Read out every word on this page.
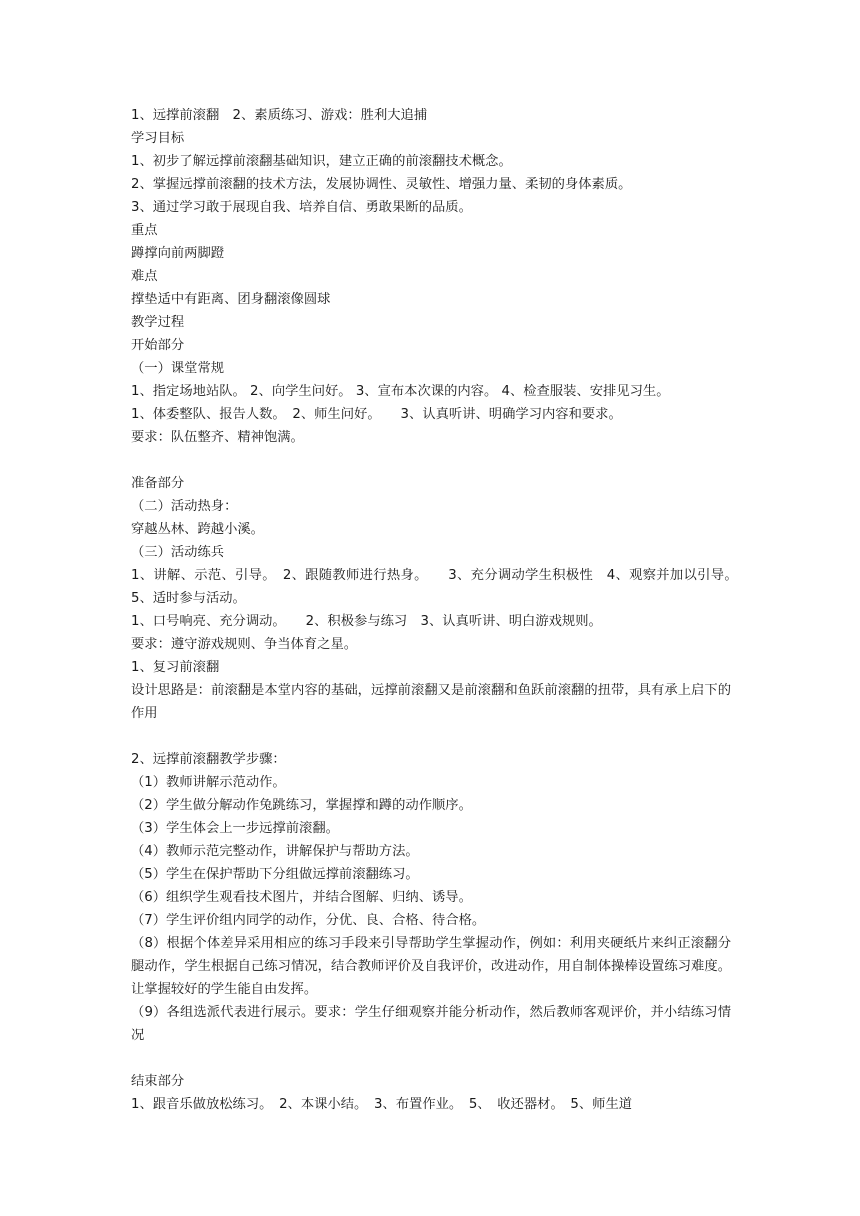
1、远撑前滚翻　2、素质练习、游戏：胜利大追捕
学习目标
1、初步了解远撑前滚翻基础知识，建立正确的前滚翻技术概念。
2、掌握远撑前滚翻的技术方法，发展协调性、灵敏性、增强力量、柔韧的身体素质。
3、通过学习敢于展现自我、培养自信、勇敢果断的品质。
重点
蹲撑向前两脚蹬
难点
撑垫适中有距离、团身翻滚像圆球
教学过程
开始部分
（一）课堂常规
1、指定场地站队。 2、向学生问好。 3、宣布本次课的内容。 4、检查服装、安排见习生。
1、体委整队、报告人数。　2、师生问好。　　3、认真听讲、明确学习内容和要求。
要求：队伍整齐、精神饱满。
准备部分
（二）活动热身：
穿越丛林、跨越小溪。
（三）活动练兵
1、讲解、示范、引导。　2、跟随教师进行热身。　　3、充分调动学生积极性　4、观察并加以引导。　5、适时参与活动。
1、口号响亮、充分调动。　　2、积极参与练习　3、认真听讲、明白游戏规则。
要求：遵守游戏规则、争当体育之星。
1、复习前滚翻
设计思路是：前滚翻是本堂内容的基础，远撑前滚翻又是前滚翻和鱼跃前滚翻的扭带，具有承上启下的作用
2、远撑前滚翻教学步骤：
（1）教师讲解示范动作。
（2）学生做分解动作兔跳练习，掌握撑和蹲的动作顺序。
（3）学生体会上一步远撑前滚翻。
（4）教师示范完整动作，讲解保护与帮助方法。
（5）学生在保护帮助下分组做远撑前滚翻练习。
（6）组织学生观看技术图片，并结合图解、归纳、诱导。
（7）学生评价组内同学的动作，分优、良、合格、待合格。
（8）根据个体差异采用相应的练习手段来引导帮助学生掌握动作，例如：利用夹硬纸片来纠正滚翻分腿动作，学生根据自己练习情况，结合教师评价及自我评价，改进动作，用自制体操棒设置练习难度。让掌握较好的学生能自由发挥。
（9）各组选派代表进行展示。要求：学生仔细观察并能分析动作，然后教师客观评价，并小结练习情况
结束部分
1、跟音乐做放松练习。　2、本课小结。　3、布置作业。　5、　收还器材。　5、师生道
